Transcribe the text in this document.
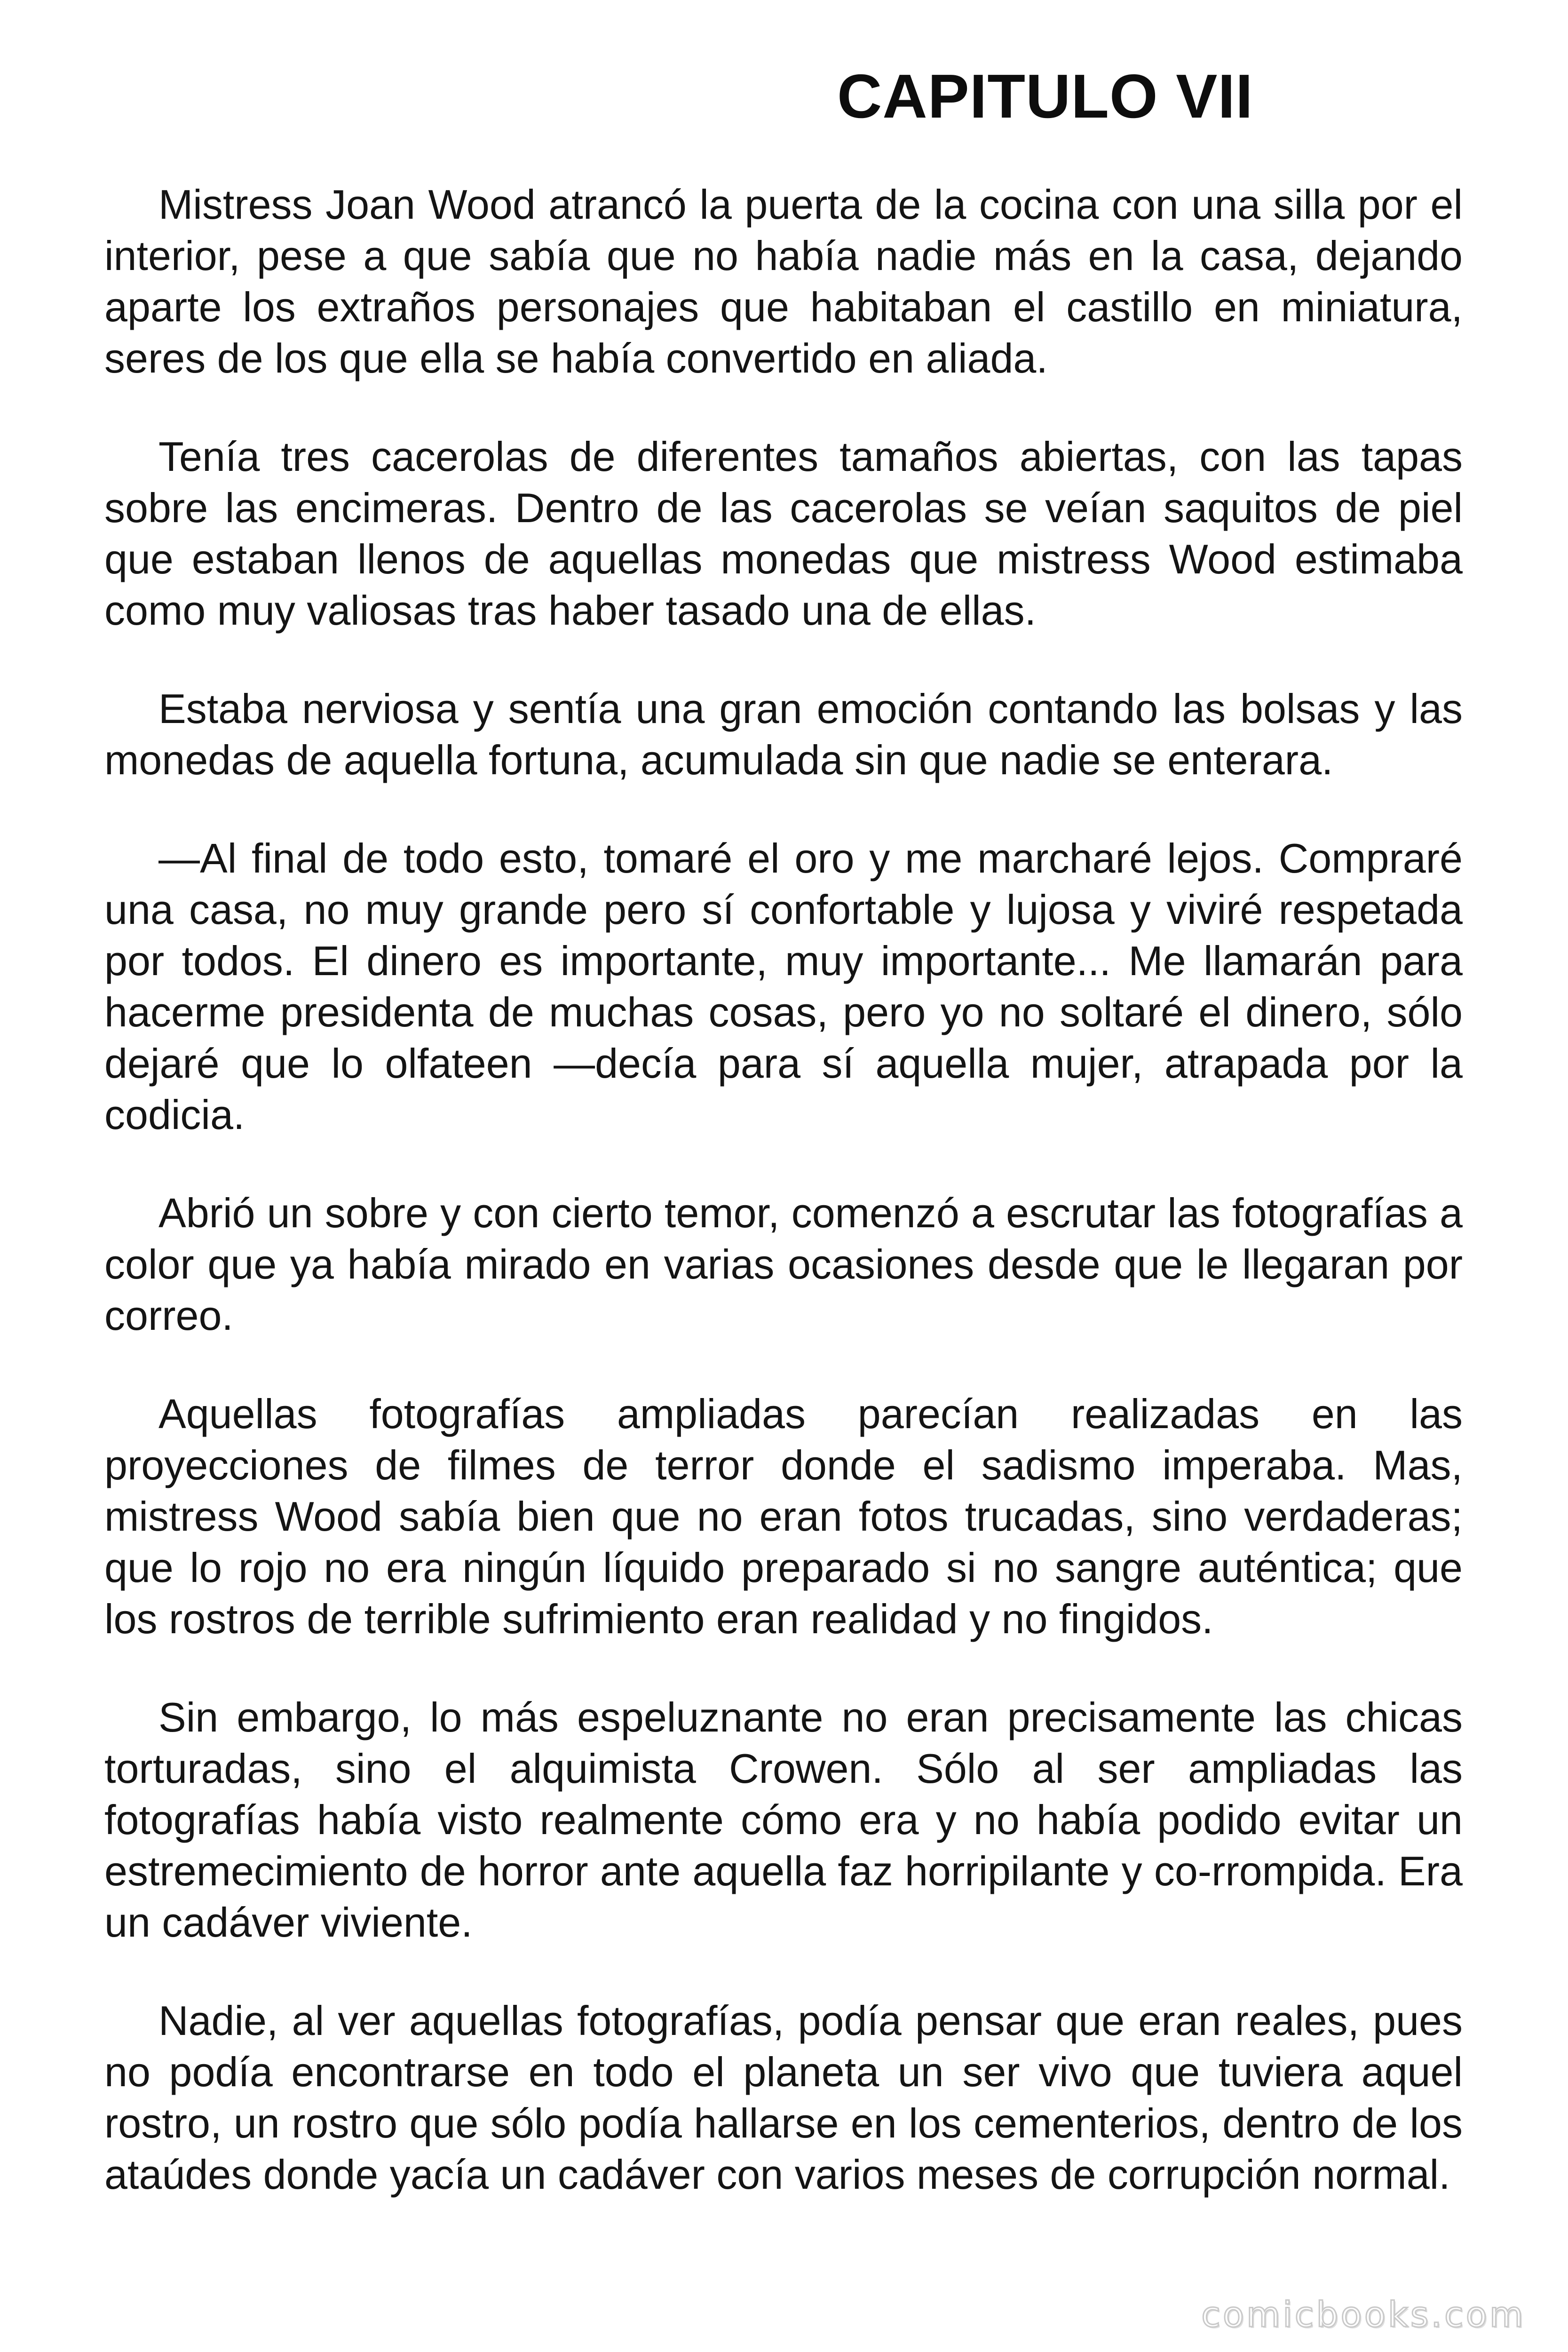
CAPITULO VII

Mistress Joan Wood atrancó la puerta de la cocina con una silla por el interior, pese a que sabía que no había nadie más en la casa, dejando aparte los extraños personajes que habitaban el castillo en miniatura, seres de los que ella se había convertido en aliada.

Tenía tres cacerolas de diferentes tamaños abiertas, con las tapas sobre las encimeras. Dentro de las cacerolas se veían saquitos de piel que estaban llenos de aquellas monedas que mistress Wood estimaba como muy valiosas tras haber tasado una de ellas.

Estaba nerviosa y sentía una gran emoción contando las bolsas y las monedas de aquella fortuna, acumulada sin que nadie se enterara.

—Al final de todo esto, tomaré el oro y me marcharé lejos. Compraré una casa, no muy grande pero sí confortable y lujosa y viviré respetada por todos. El dinero es importante, muy importante... Me llamarán para hacerme presidenta de muchas cosas, pero yo no soltaré el dinero, sólo dejaré que lo olfateen —decía para sí aquella mujer, atrapada por la codicia.

Abrió un sobre y con cierto temor, comenzó a escrutar las fotografías a color que ya había mirado en varias ocasiones desde que le llegaran por correo.

Aquellas fotografías ampliadas parecían realizadas en las proyecciones de filmes de terror donde el sadismo imperaba. Mas, mistress Wood sabía bien que no eran fotos trucadas, sino verdaderas; que lo rojo no era ningún líquido preparado si no sangre auténtica; que los rostros de terrible sufrimiento eran realidad y no fingidos.

Sin embargo, lo más espeluznante no eran precisamente las chicas torturadas, sino el alquimista Crowen. Sólo al ser ampliadas las fotografías había visto realmente cómo era y no había podido evitar un estremecimiento de horror ante aquella faz horripilante y co-rrompida. Era un cadáver viviente.

Nadie, al ver aquellas fotografías, podía pensar que eran reales, pues no podía encontrarse en todo el planeta un ser vivo que tuviera aquel rostro, un rostro que sólo podía hallarse en los cementerios, dentro de los ataúdes donde yacía un cadáver con varios meses de corrupción normal.

comicbooks.com
